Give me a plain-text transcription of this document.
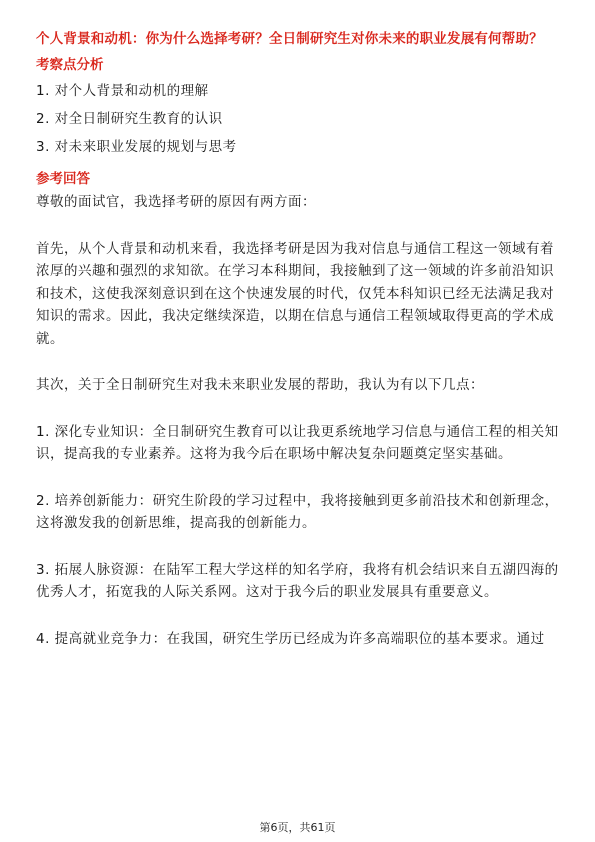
个人背景和动机：你为什么选择考研？全日制研究生对你未来的职业发展有何帮助？
考察点分析

1. 对个人背景和动机的理解

2. 对全日制研究生教育的认识

3. 对未来职业发展的规划与思考

参考回答

尊敬的面试官，我选择考研的原因有两方面：

首先，从个人背景和动机来看，我选择考研是因为我对信息与通信工程这一领域有着浓厚的兴趣和强烈的求知欲。在学习本科期间，我接触到了这一领域的许多前沿知识和技术，这使我深刻意识到在这个快速发展的时代，仅凭本科知识已经无法满足我对知识的需求。因此，我决定继续深造，以期在信息与通信工程领域取得更高的学术成就。

其次，关于全日制研究生对我未来职业发展的帮助，我认为有以下几点：

1. 深化专业知识：全日制研究生教育可以让我更系统地学习信息与通信工程的相关知识，提高我的专业素养。这将为我今后在职场中解决复杂问题奠定坚实基础。

2. 培养创新能力：研究生阶段的学习过程中，我将接触到更多前沿技术和创新理念，这将激发我的创新思维，提高我的创新能力。

3. 拓展人脉资源：在陆军工程大学这样的知名学府，我将有机会结识来自五湖四海的优秀人才，拓宽我的人际关系网。这对于我今后的职业发展具有重要意义。

4. 提高就业竞争力：在我国，研究生学历已经成为许多高端职位的基本要求。通过

第6页，共61页
